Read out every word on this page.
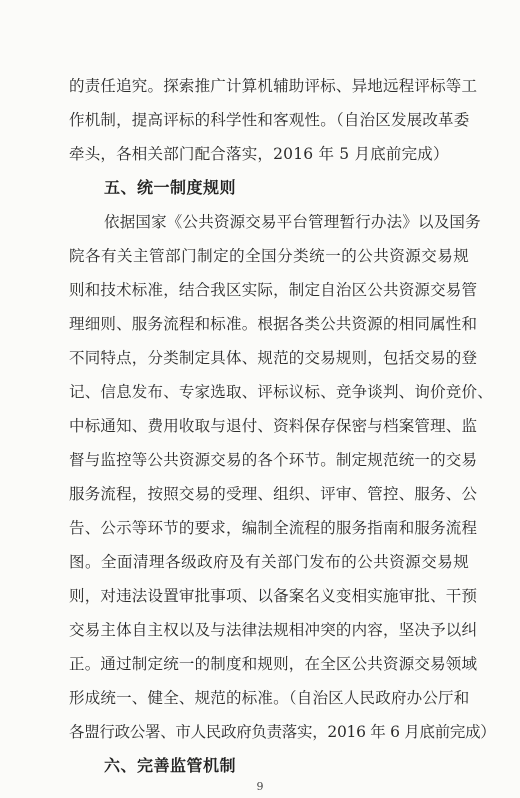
的责任追究。探索推广计算机辅助评标、异地远程评标等工
作机制，提高评标的科学性和客观性。（自治区发展改革委
牵头，各相关部门配合落实，2016 年 5 月底前完成）
五、统一制度规则
依据国家《公共资源交易平台管理暂行办法》以及国务
院各有关主管部门制定的全国分类统一的公共资源交易规
则和技术标准，结合我区实际，制定自治区公共资源交易管
理细则、服务流程和标准。根据各类公共资源的相同属性和
不同特点，分类制定具体、规范的交易规则，包括交易的登
记、信息发布、专家选取、评标议标、竞争谈判、询价竞价、
中标通知、费用收取与退付、资料保存保密与档案管理、监
督与监控等公共资源交易的各个环节。制定规范统一的交易
服务流程，按照交易的受理、组织、评审、管控、服务、公
告、公示等环节的要求，编制全流程的服务指南和服务流程
图。全面清理各级政府及有关部门发布的公共资源交易规
则，对违法设置审批事项、以备案名义变相实施审批、干预
交易主体自主权以及与法律法规相冲突的内容，坚决予以纠
正。通过制定统一的制度和规则，在全区公共资源交易领域
形成统一、健全、规范的标准。（自治区人民政府办公厅和
各盟行政公署、市人民政府负责落实，2016 年 6 月底前完成）
六、完善监管机制
9
